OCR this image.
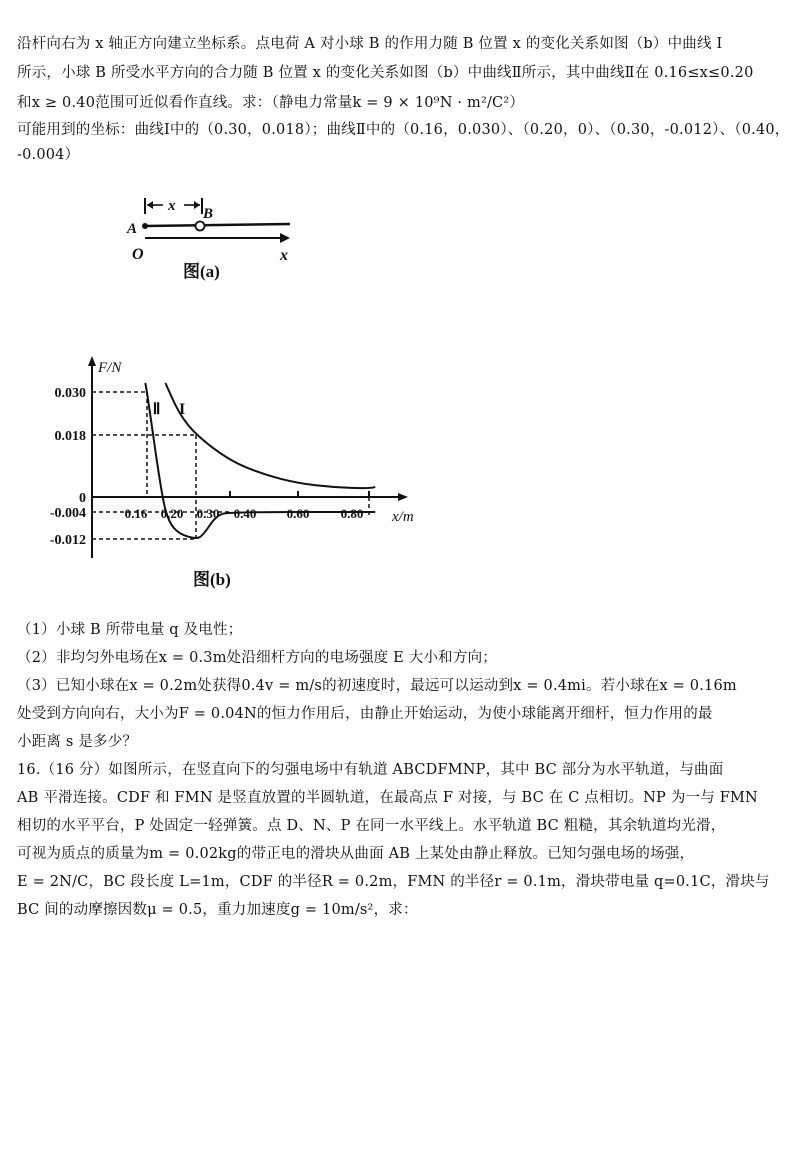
沿杆向右为 x 轴正方向建立坐标系。点电荷 A 对小球 B 的作用力随 B 位置 x 的变化关系如图（b）中曲线 I
所示，小球 B 所受水平方向的合力随 B 位置 x 的变化关系如图（b）中曲线Ⅱ所示，其中曲线Ⅱ在 0.16≤x≤0.20
和x ≥ 0.40范围可近似看作直线。求：（静电力常量k = 9 × 10⁹N · m²/C²）
可能用到的坐标：曲线I中的（0.30，0.018）；曲线Ⅱ中的（0.16，0.030）、（0.20，0）、（0.30，-0.012）、（0.40，
-0.004）
x B
A
O	x
图(a)
F/N
x/m
0.030
0.018
0
-0.004
-0.012
0.16 0.20 0.30 0.40 0.60 0.80
I
Ⅱ
图(b)
（1）小球 B 所带电量 q 及电性；
（2）非均匀外电场在x = 0.3m处沿细杆方向的电场强度 E 大小和方向；
（3）已知小球在x = 0.2m处获得0.4v = m/s的初速度时，最远可以运动到x = 0.4mi。若小球在x = 0.16m
处受到方向向右，大小为F = 0.04N的恒力作用后，由静止开始运动，为使小球能离开细杆，恒力作用的最
小距离 s 是多少？
16.（16 分）如图所示，在竖直向下的匀强电场中有轨道 ABCDFMNP，其中 BC 部分为水平轨道，与曲面
AB 平滑连接。CDF 和 FMN 是竖直放置的半圆轨道，在最高点 F 对接，与 BC 在 C 点相切。NP 为一与 FMN
相切的水平平台，P 处固定一轻弹簧。点 D、N、P 在同一水平线上。水平轨道 BC 粗糙，其余轨道均光滑，
可视为质点的质量为m = 0.02kg的带正电的滑块从曲面 AB 上某处由静止释放。已知匀强电场的场强，
E = 2N/C，BC 段长度 L=1m，CDF 的半径R = 0.2m，FMN 的半径r = 0.1m，滑块带电量 q=0.1C，滑块与
BC 间的动摩擦因数μ = 0.5，重力加速度g = 10m/s²，求：
